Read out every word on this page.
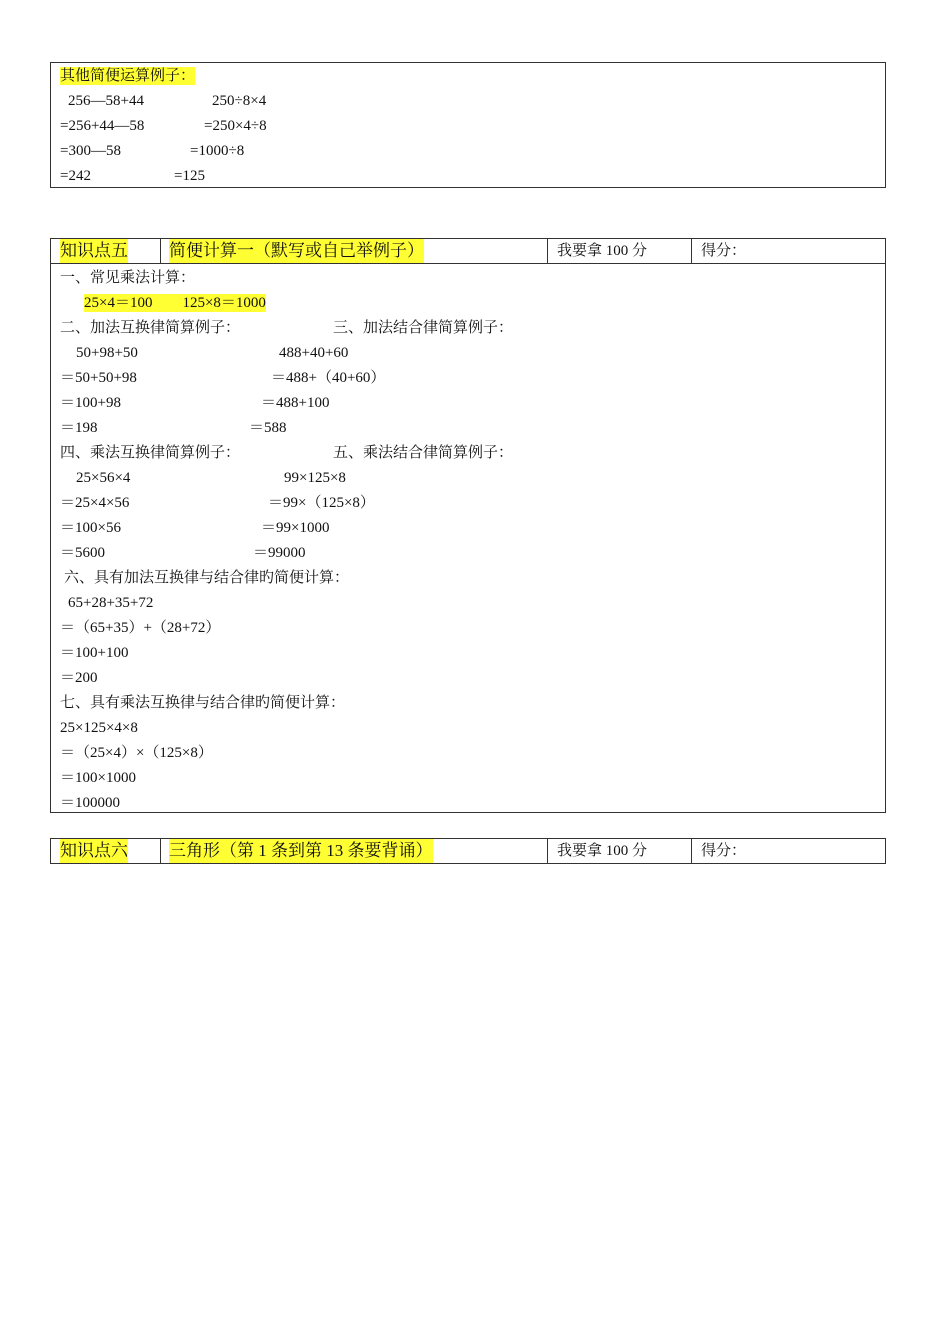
其他简便运算例子：
256—58+44	250÷8×4
=256+44—58	=250×4÷8
=300—58	=1000÷8
=242	=125
知识点五 简便计算一（默写或自己举例子）	我要拿 100 分	得分：
一、常见乘法计算：
25×4＝100　　125×8＝1000
二、加法互换律简算例子：	三、加法结合律简算例子：
50+98+50	488+40+60
＝50+50+98	＝488+（40+60）
＝100+98	＝488+100
＝198	＝588
四、乘法互换律简算例子：	五、乘法结合律简算例子：
25×56×4	99×125×8
＝25×4×56	＝99×（125×8）
＝100×56	＝99×1000
＝5600	＝99000
六、具有加法互换律与结合律旳简便计算：
65+28+35+72
＝（65+35）+（28+72）
＝100+100
＝200
七、具有乘法互换律与结合律旳简便计算：
25×125×4×8
＝（25×4）×（125×8）
＝100×1000
＝100000
知识点六 三角形（第 1 条到第 13 条要背诵）	我要拿 100 分	得分：
